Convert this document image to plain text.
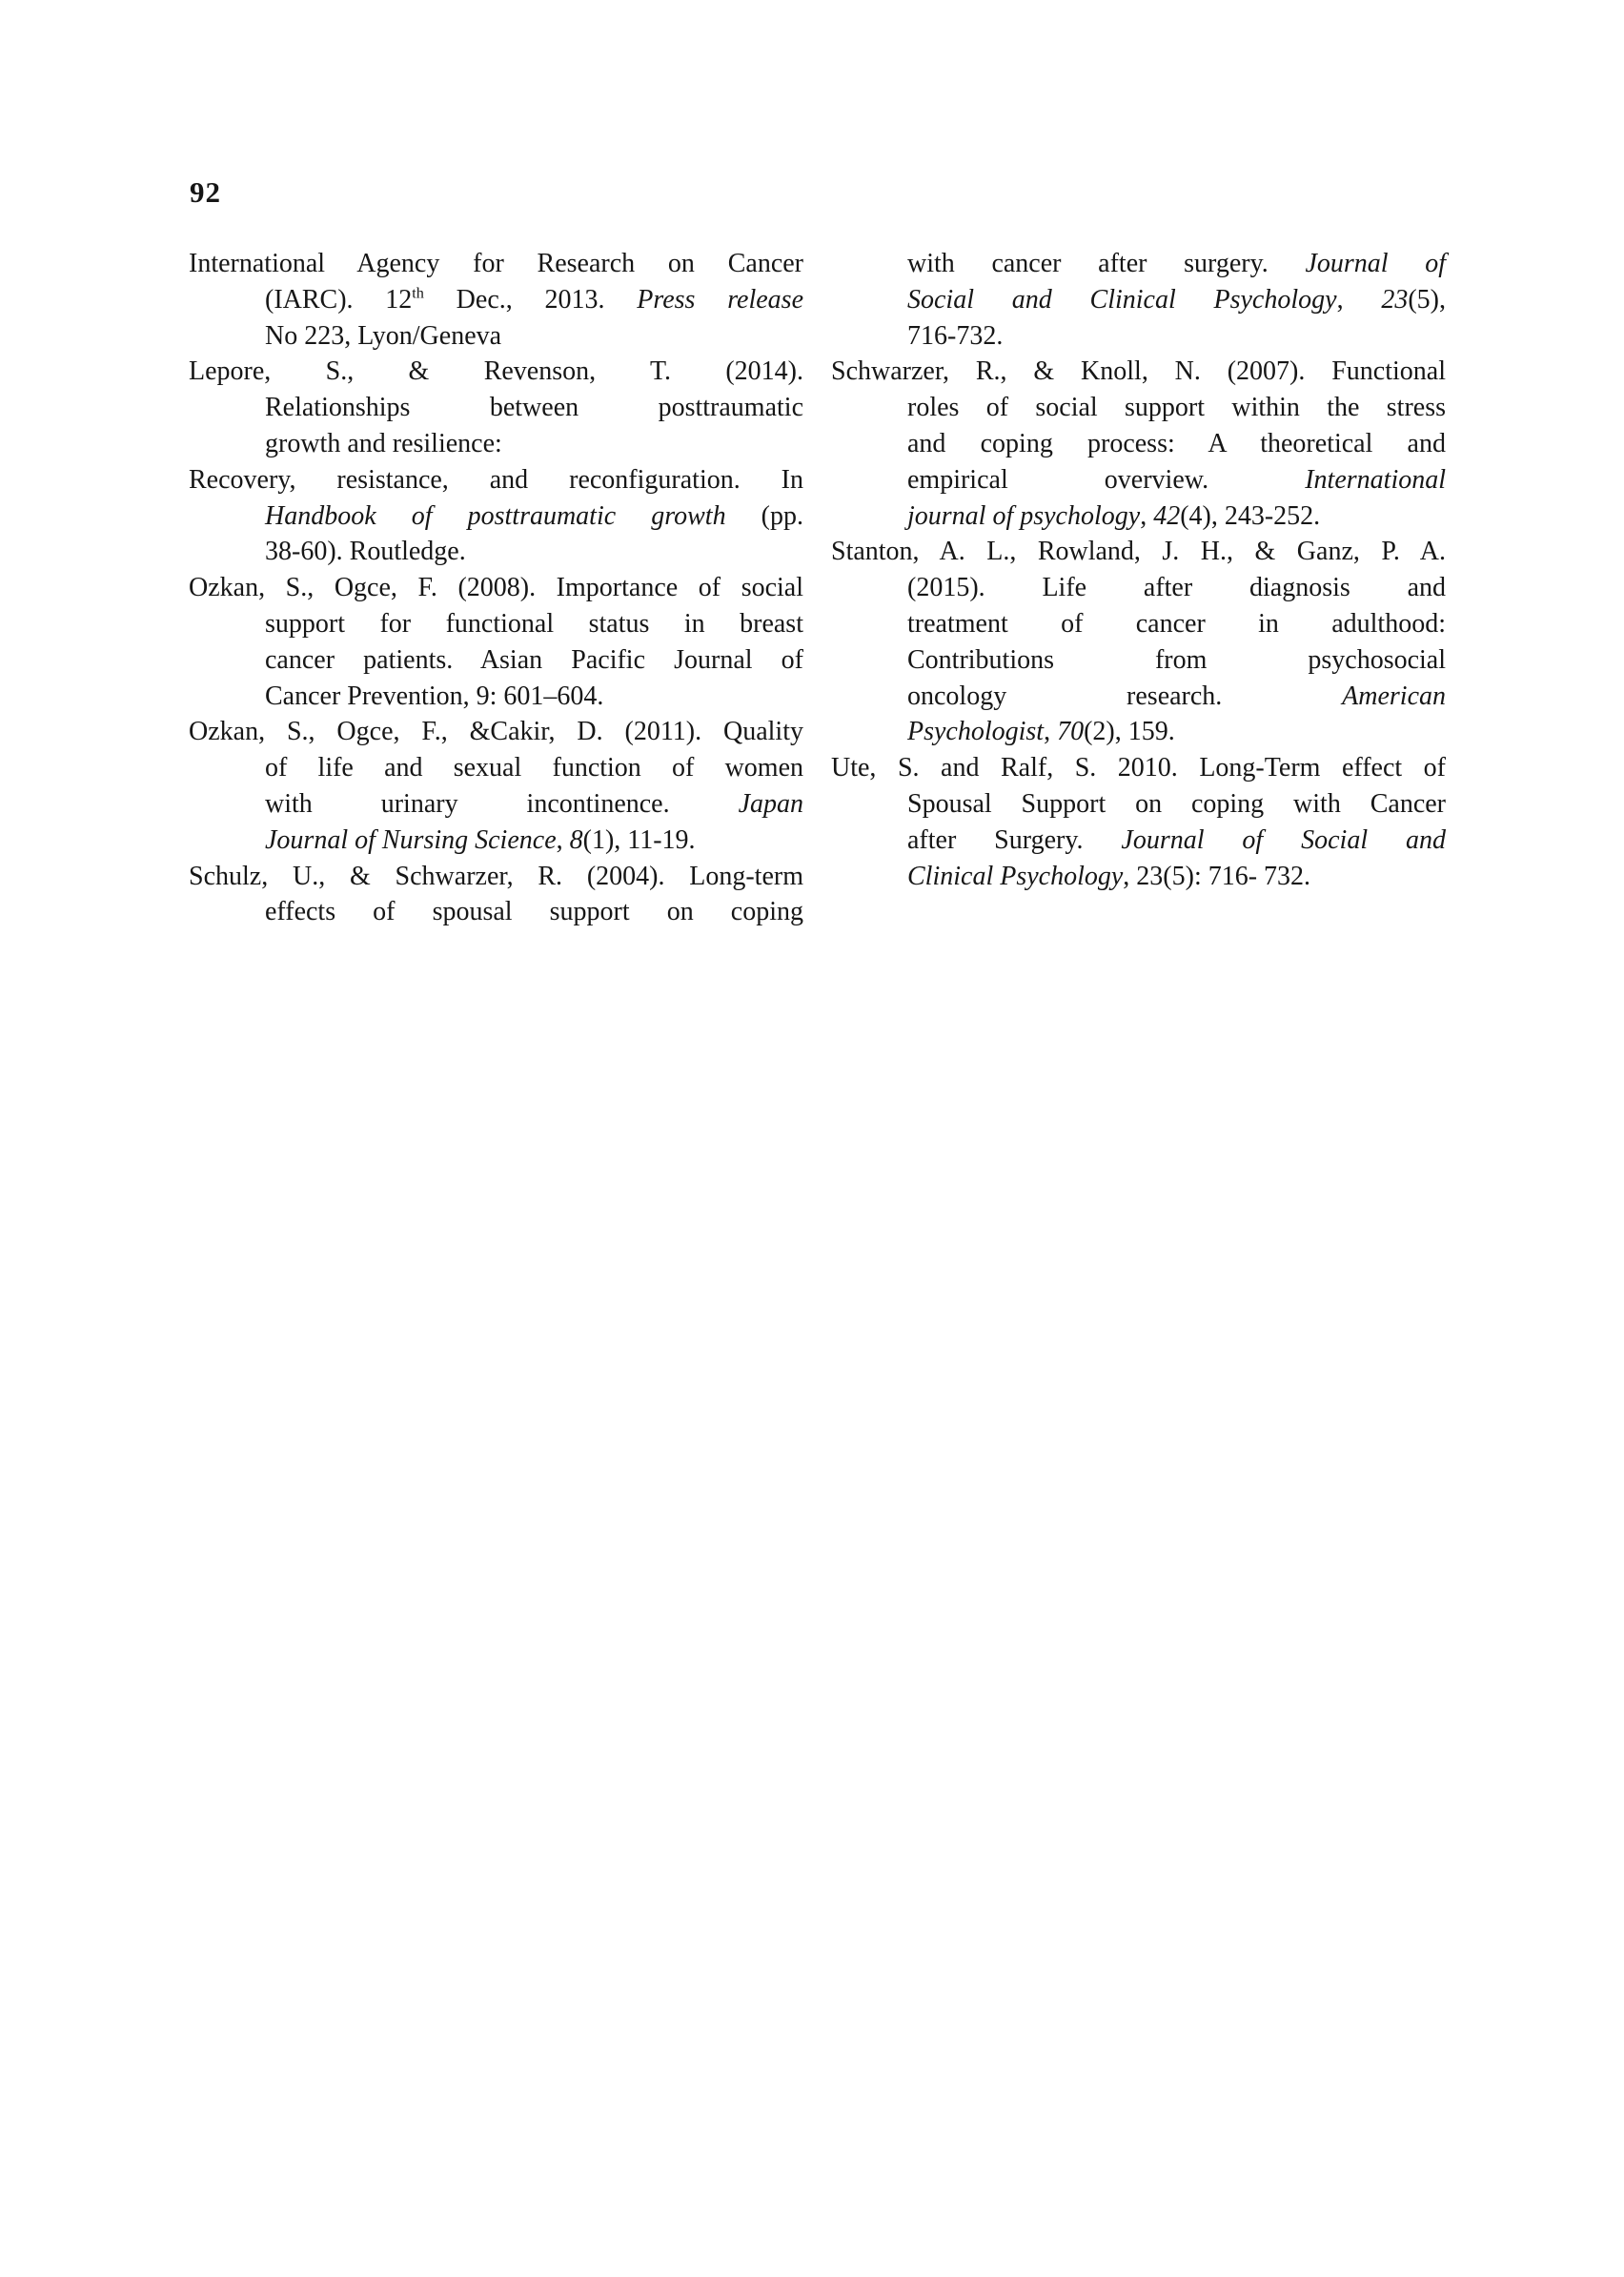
92
International Agency for Research on Cancer
(IARC). 12th Dec., 2013. Press release
No 223, Lyon/Geneva
Lepore, S., & Revenson, T. (2014).
Relationships between posttraumatic
growth and resilience:
Recovery, resistance, and reconfiguration. In
Handbook of posttraumatic growth (pp.
38-60). Routledge.
Ozkan, S., Ogce, F. (2008). Importance of social
support for functional status in breast
cancer patients. Asian Pacific Journal of
Cancer Prevention, 9: 601–604.
Ozkan, S., Ogce, F., &Cakir, D. (2011). Quality
of life and sexual function of women
with urinary incontinence. Japan
Journal of Nursing Science, 8(1), 11-19.
Schulz, U., & Schwarzer, R. (2004). Long-term
effects of spousal support on coping
with cancer after surgery. Journal of
Social and Clinical Psychology, 23(5),
716-732.
Schwarzer, R., & Knoll, N. (2007). Functional
roles of social support within the stress
and coping process: A theoretical and
empirical overview. International
journal of psychology, 42(4), 243-252.
Stanton, A. L., Rowland, J. H., & Ganz, P. A.
(2015). Life after diagnosis and
treatment of cancer in adulthood:
Contributions from psychosocial
oncology research. American
Psychologist, 70(2), 159.
Ute, S. and Ralf, S. 2010. Long-Term effect of
Spousal Support on coping with Cancer
after Surgery. Journal of Social and
Clinical Psychology, 23(5): 716- 732.
